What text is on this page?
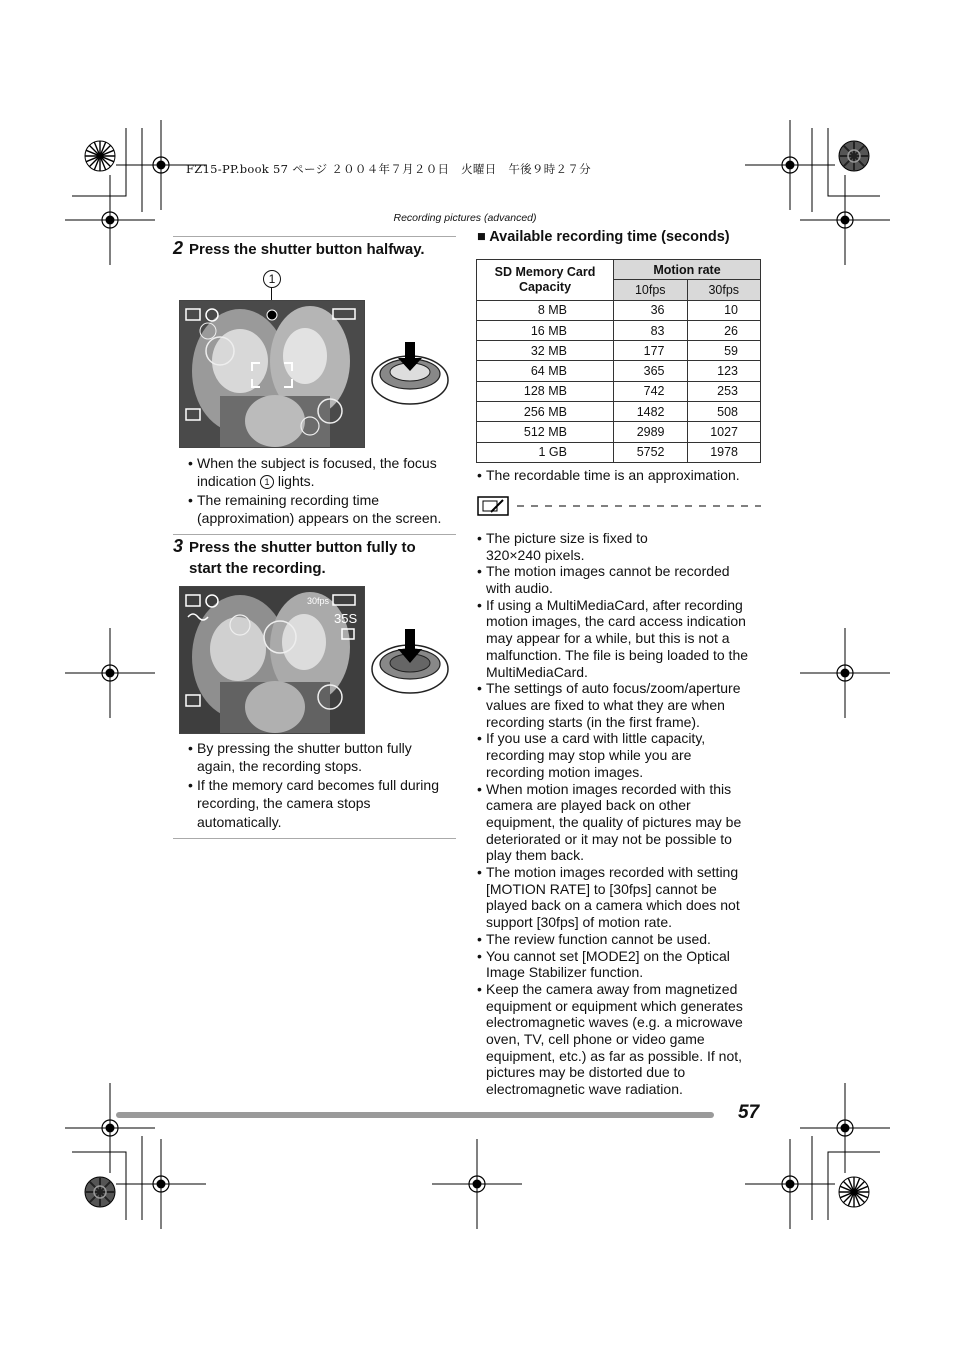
FZ15-PP.book 57 ページ ２００４年７月２０日　火曜日　午後９時２７分
Recording pictures (advanced)
2 Press the shutter button halfway.
1
• When the subject is focused, the focus
indication 1 lights.
• The remaining recording time
(approximation) appears on the screen.
3 Press the shutter button fully to
start the recording.
30fps
35S
• By pressing the shutter button fully
again, the recording stops.
• If the memory card becomes full during
recording, the camera stops
automatically.
■ Available recording time (seconds)
SD Memory Card Capacity	Motion rate	
	10fps	30fps
8 MB	36	10
16 MB	83	26
32 MB	177	59
64 MB	365	123
128 MB	742	253
256 MB	1482	508
512 MB	2989	1027
1 GB	5752	1978
• The recordable time is an approximation.
• The picture size is fixed to
320×240 pixels.
• The motion images cannot be recorded
with audio.
• If using a MultiMediaCard, after recording
motion images, the card access indication
may appear for a while, but this is not a
malfunction. The file is being loaded to the
MultiMediaCard.
• The settings of auto focus/zoom/aperture
values are fixed to what they are when
recording starts (in the first frame).
• If you use a card with little capacity,
recording may stop while you are
recording motion images.
• When motion images recorded with this
camera are played back on other
equipment, the quality of pictures may be
deteriorated or it may not be possible to
play them back.
• The motion images recorded with setting
[MOTION RATE] to [30fps] cannot be
played back on a camera which does not
support [30fps] of motion rate.
• The review function cannot be used.
• You cannot set [MODE2] on the Optical
Image Stabilizer function.
• Keep the camera away from magnetized
equipment or equipment which generates
electromagnetic waves (e.g. a microwave
oven, TV, cell phone or video game
equipment, etc.) as far as possible. If not,
pictures may be distorted due to
electromagnetic wave radiation.
57
